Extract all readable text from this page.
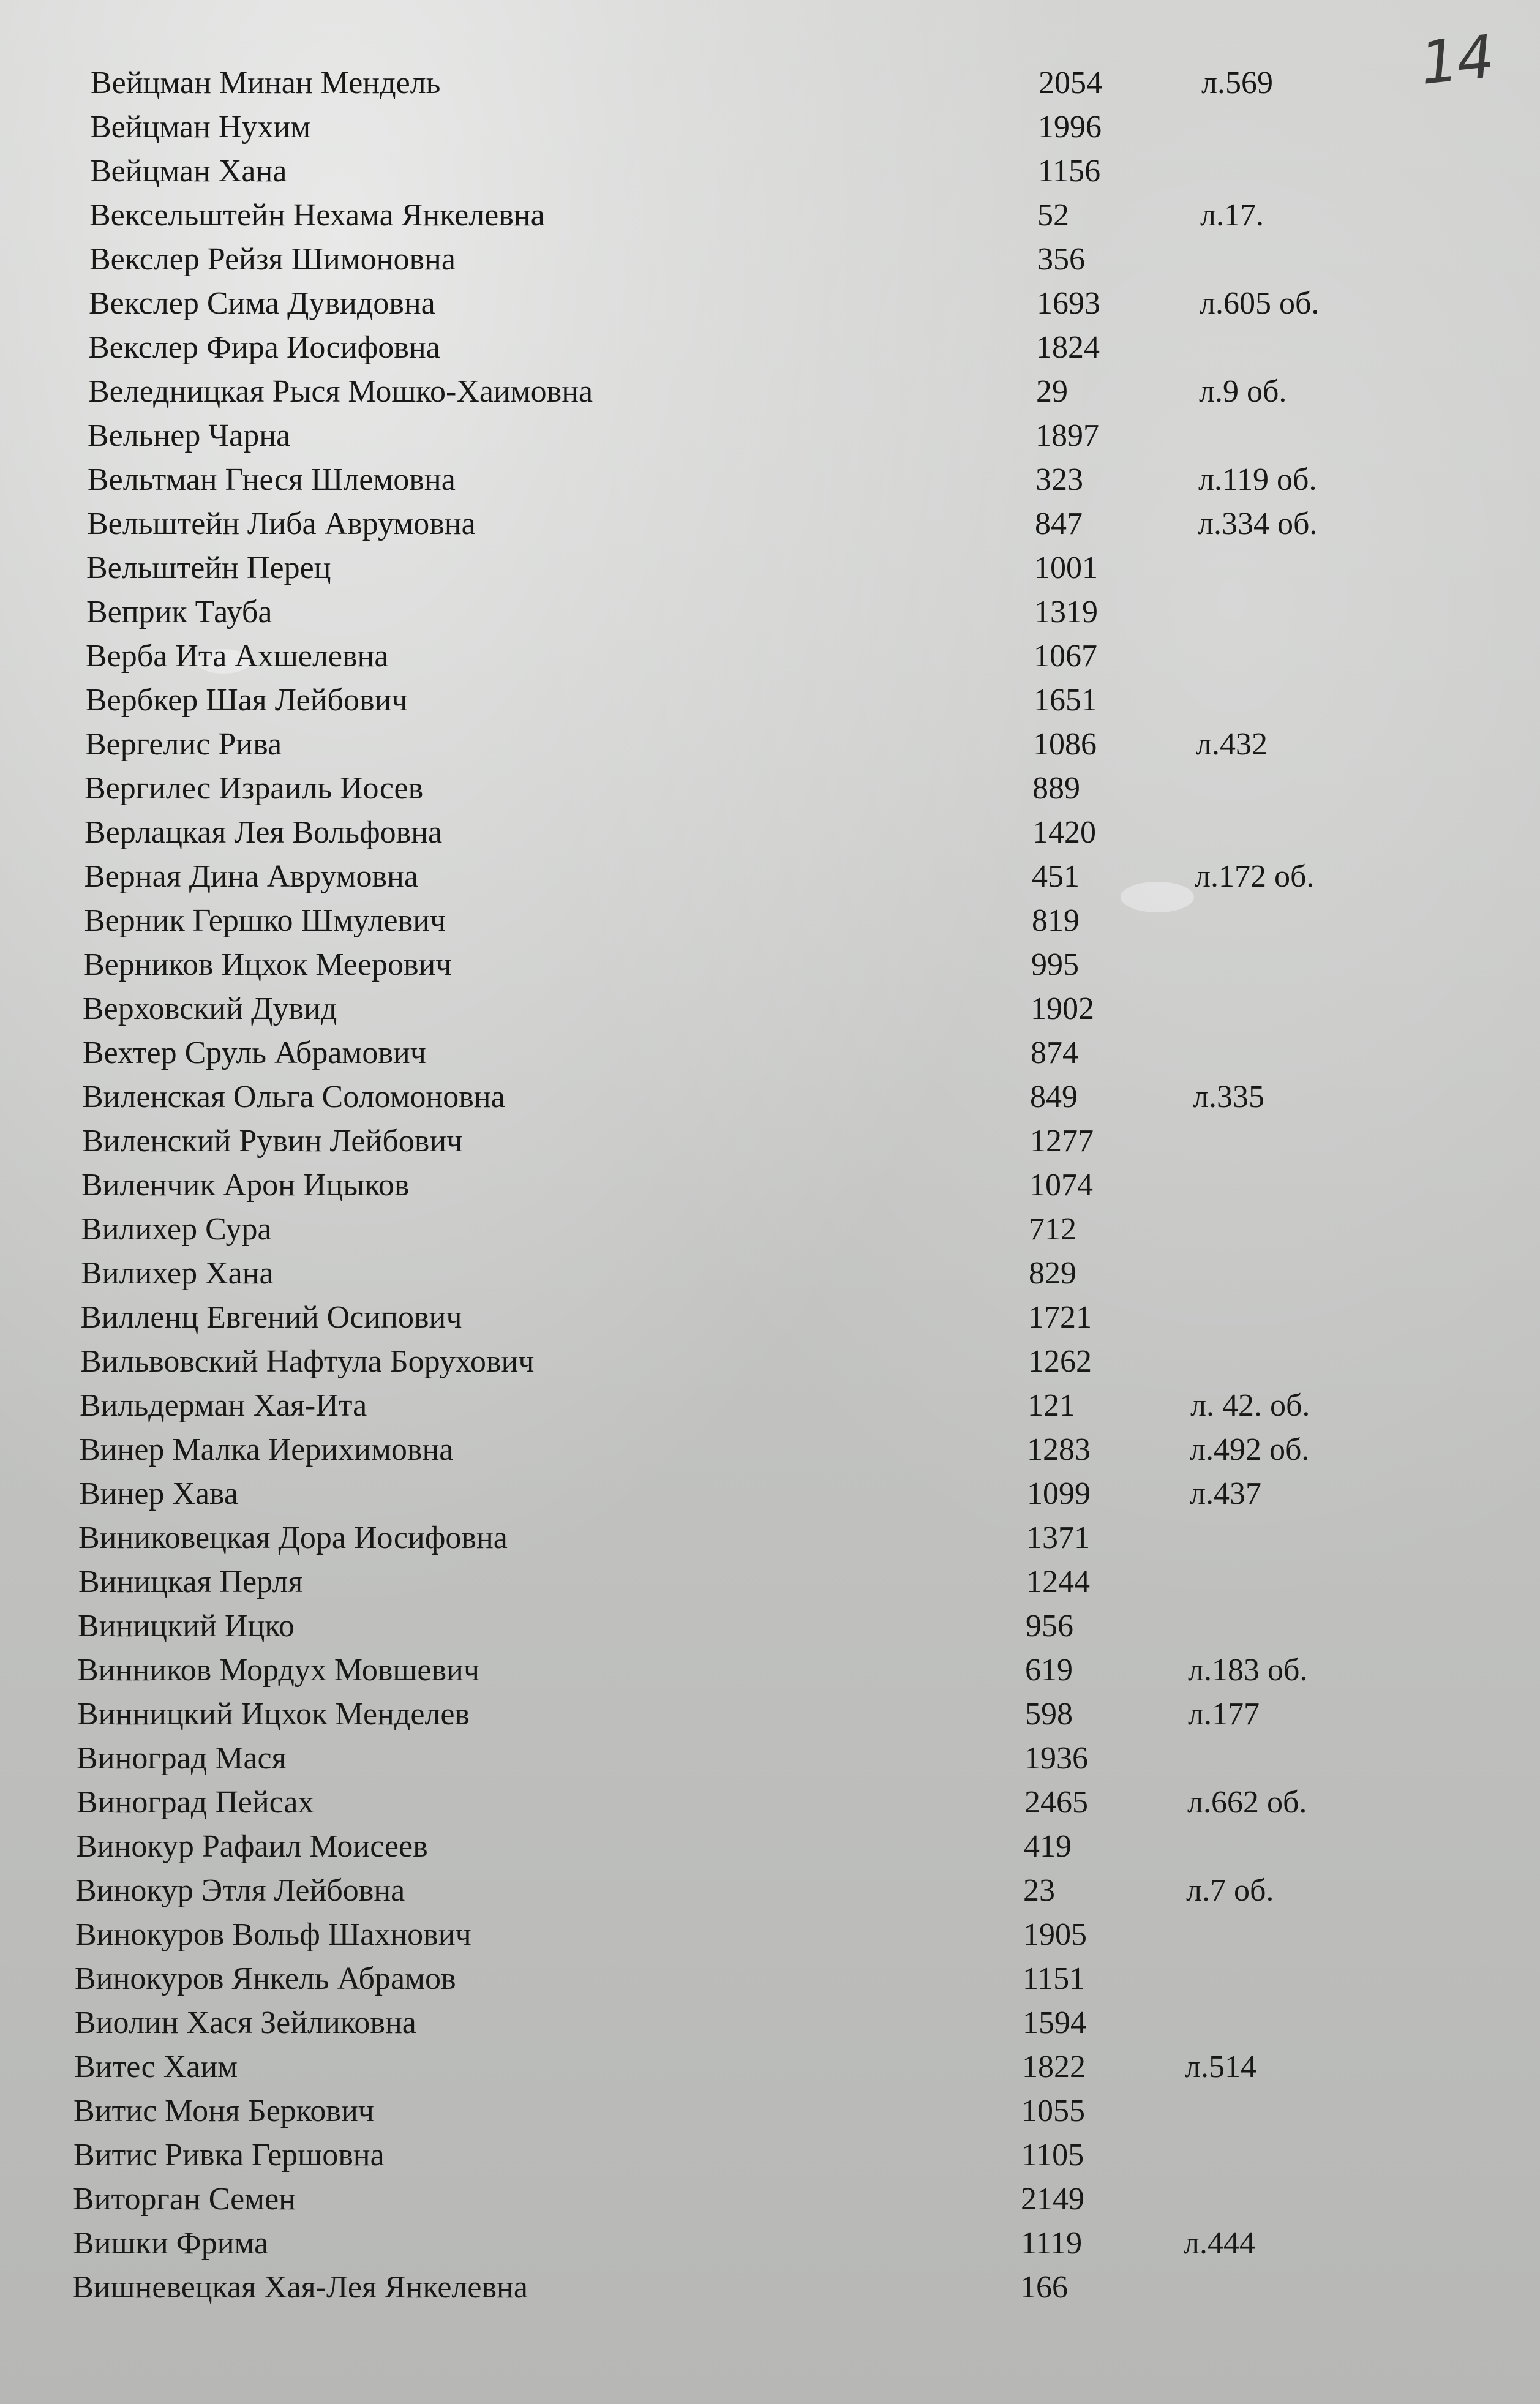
14
Вейцман Минан Мендель	2054	л.569
Вейцман Нухим	1996
Вейцман Хана	1156
Вексельштейн Нехама Янкелевна	52	л.17.
Векслер Рейзя Шимоновна	356
Векслер Сима Дувидовна	1693	л.605 об.
Векслер Фира Иосифовна	1824
Веледницкая Рыся Мошко-Хаимовна	29	л.9 об.
Вельнер Чарна	1897
Вельтман Гнеся Шлемовна	323	л.119 об.
Вельштейн Либа Аврумовна	847	л.334 об.
Вельштейн Перец	1001
Веприк Тауба	1319
Верба Ита Ахшелевна	1067
Вербкер Шая Лейбович	1651
Вергелис Рива	1086	л.432
Вергилес Израиль Иосев	889
Верлацкая Лея Вольфовна	1420
Верная Дина Аврумовна	451	л.172 об.
Верник Гершко Шмулевич	819
Верников Ицхок Меерович	995
Верховский Дувид	1902
Вехтер Сруль Абрамович	874
Виленская Ольга Соломоновна	849	л.335
Виленский Рувин Лейбович	1277
Виленчик Арон Ицыков	1074
Вилихер Сура	712
Вилихер Хана	829
Вилленц Евгений Осипович	1721
Вильвовский Нафтула Борухович	1262
Вильдерман Хая-Ита	121	л. 42. об.
Винер Малка Иерихимовна	1283	л.492 об.
Винер Хава	1099	л.437
Виниковецкая Дора Иосифовна	1371
Виницкая Перля	1244
Виницкий Ицко	956
Винников Мордух Мовшевич	619	л.183 об.
Винницкий Ицхок Менделев	598	л.177
Виноград Мася	1936
Виноград Пейсах	2465	л.662 об.
Винокур Рафаил Моисеев	419
Винокур Этля Лейбовна	23	л.7 об.
Винокуров Вольф Шахнович	1905
Винокуров Янкель Абрамов	1151
Виолин Хася Зейликовна	1594
Витес Хаим	1822	л.514
Витис Моня Беркович	1055
Витис Ривка Гершовна	1105
Виторган Семен	2149
Вишки Фрима	1119	л.444
Вишневецкая Хая-Лея Янкелевна	166
